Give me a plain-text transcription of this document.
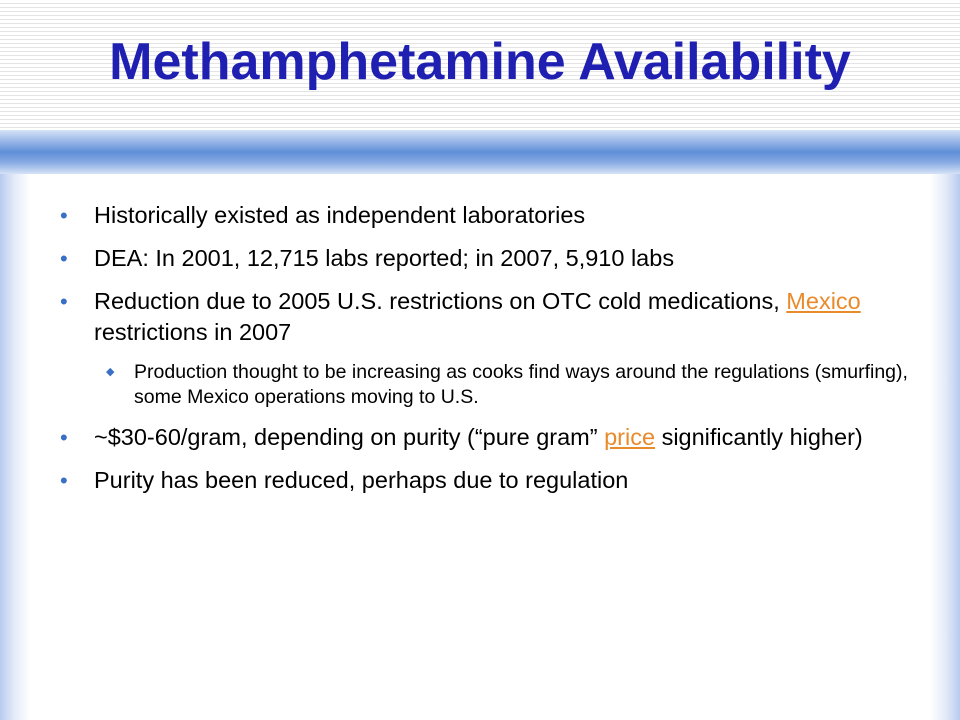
Methamphetamine Availability
• Historically existed as independent laboratories
• DEA: In 2001, 12,715 labs reported; in 2007, 5,910 labs
• Reduction due to 2005 U.S. restrictions on OTC cold medications, Mexico restrictions in 2007
◆ Production thought to be increasing as cooks find ways around the regulations (smurfing), some Mexico operations moving to U.S.
• ~$30-60/gram, depending on purity (“pure gram” price significantly higher)
• Purity has been reduced, perhaps due to regulation
